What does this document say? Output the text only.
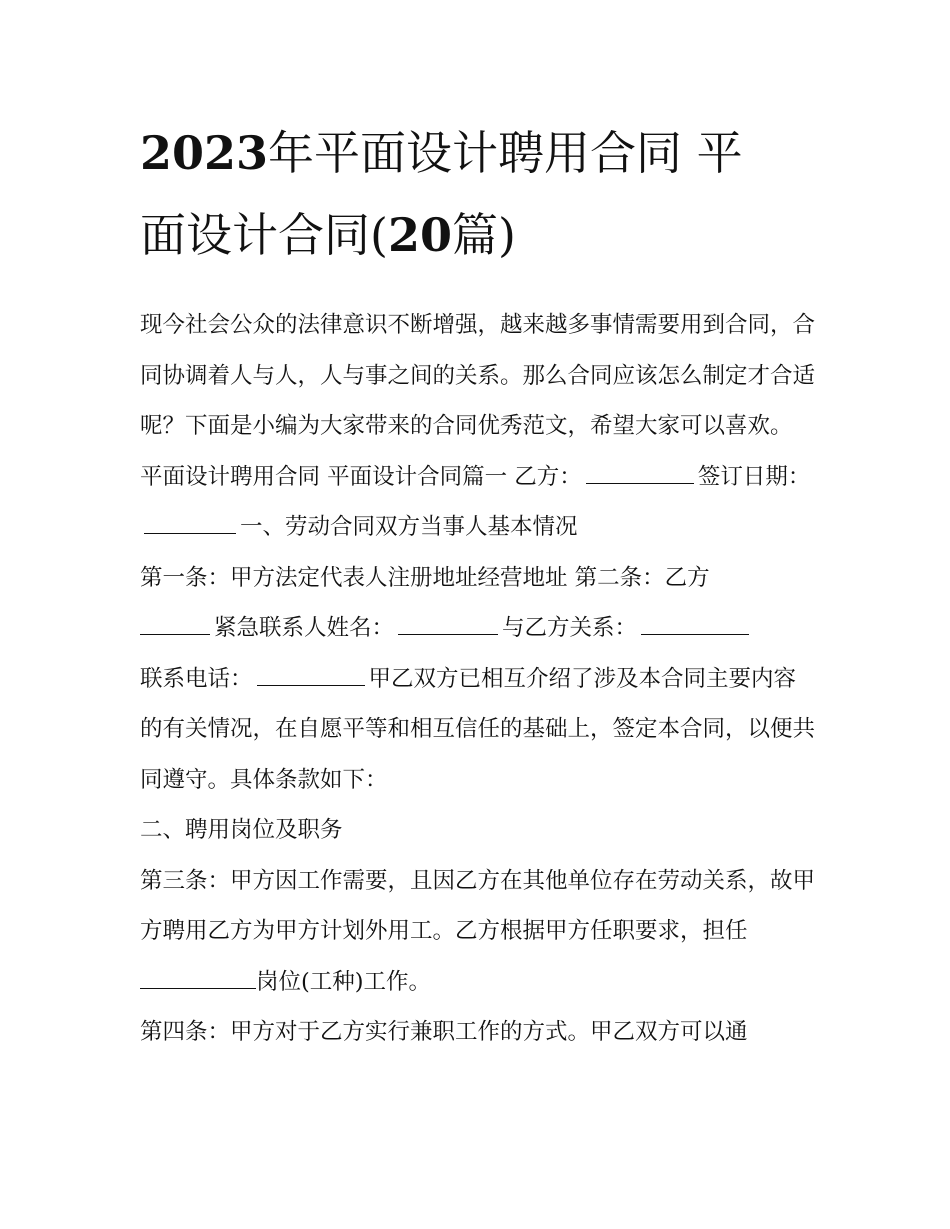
2023年平面设计聘用合同 平
面设计合同(20篇)

现今社会公众的法律意识不断增强，越来越多事情需要用到合同，合同协调着人与人，人与事之间的关系。那么合同应该怎么制定才合适呢？下面是小编为大家带来的合同优秀范文，希望大家可以喜欢。

平面设计聘用合同 平面设计合同篇一 乙方：	签订日期：一、劳动合同双方当事人基本情况

第一条：甲方法定代表人注册地址经营地址 第二条：乙方
紧急联系人姓名：	与乙方关系：
联系电话：	甲乙双方已相互介绍了涉及本合同主要内容的有关情况，在自愿平等和相互信任的基础上，签定本合同，以便共同遵守。具体条款如下：

二、聘用岗位及职务

第三条：甲方因工作需要，且因乙方在其他单位存在劳动关系，故甲方聘用乙方为甲方计划外用工。乙方根据甲方任职要求，担任岗位(工种)工作。

第四条：甲方对于乙方实行兼职工作的方式。甲乙双方可以通
